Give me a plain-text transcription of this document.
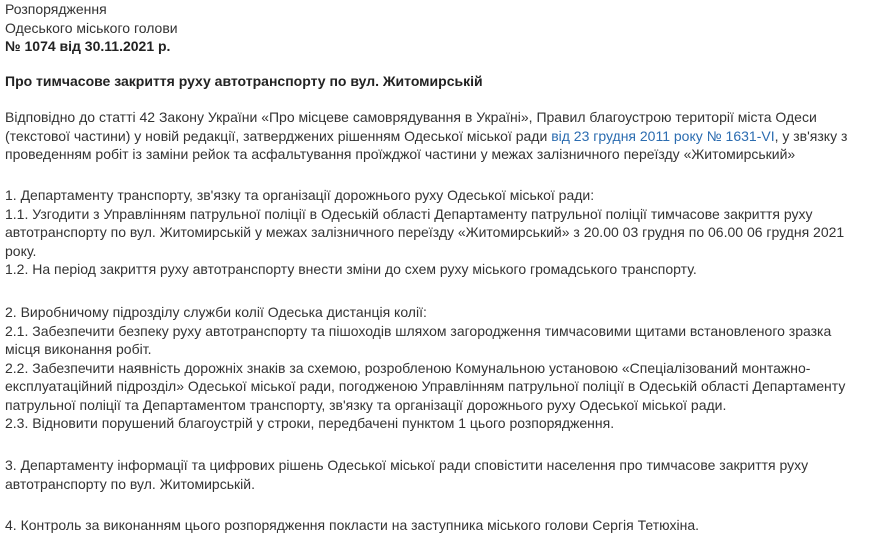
Розпорядження

Одеського міського голови

№ 1074 від 30.11.2021 р.

Про тимчасове закриття руху автотранспорту по вул. Житомирській

Відповідно до статті 42 Закону України «Про місцеве самоврядування в Україні», Правил благоустрою території міста Одеси (текстової частини) у новій редакції, затверджених рішенням Одеської міської ради від 23 грудня 2011 року № 1631-VI, у зв'язку з проведенням робіт із заміни рейок та асфальтування проїжджої частини у межах залізничного переїзду «Житомирський»

1. Департаменту транспорту, зв'язку та організації дорожнього руху Одеської міської ради:

1.1. Узгодити з Управлінням патрульної поліції в Одеській області Департаменту патрульної поліції тимчасове закриття руху автотранспорту по вул. Житомирській у межах залізничного переїзду «Житомирський» з 20.00 03 грудня по 06.00 06 грудня 2021 року.

1.2. На період закриття руху автотранспорту внести зміни до схем руху міського громадського транспорту.

2. Виробничому підрозділу служби колії Одеська дистанція колії:

2.1. Забезпечити безпеку руху автотранспорту та пішоходів шляхом загородження тимчасовими щитами встановленого зразка місця виконання робіт.

2.2. Забезпечити наявність дорожніх знаків за схемою, розробленою Комунальною установою «Спеціалізований монтажно-експлуатаційний підрозділ» Одеської міської ради, погодженою Управлінням патрульної поліції в Одеській області Департаменту патрульної поліції та Департаментом транспорту, зв'язку та організації дорожнього руху Одеської міської ради.

2.3. Відновити порушений благоустрій у строки, передбачені пунктом 1 цього розпорядження.

3. Департаменту інформації та цифрових рішень Одеської міської ради сповістити населення про тимчасове закриття руху автотранспорту по вул. Житомирській.

4. Контроль за виконанням цього розпорядження покласти на заступника міського голови Сергія Тетюхіна.
